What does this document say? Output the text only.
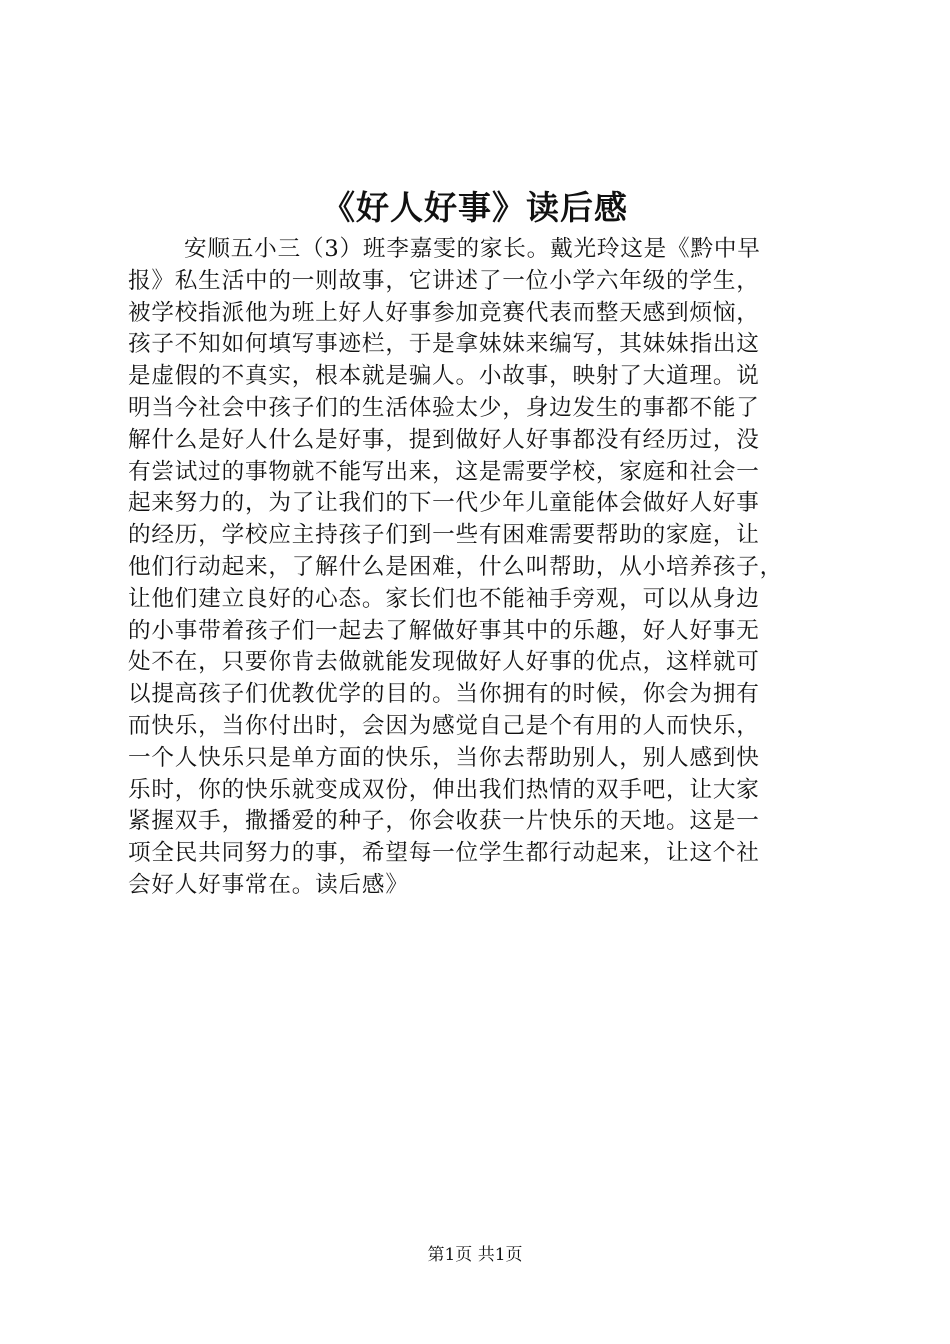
《好人好事》读后感
安顺五小三（3）班李嘉雯的家长。戴光玲这是《黔中早
报》私生活中的一则故事，它讲述了一位小学六年级的学生，
被学校指派他为班上好人好事参加竞赛代表而整天感到烦恼，
孩子不知如何填写事迹栏，于是拿妹妹来编写，其妹妹指出这
是虚假的不真实，根本就是骗人。小故事，映射了大道理。说
明当今社会中孩子们的生活体验太少，身边发生的事都不能了
解什么是好人什么是好事，提到做好人好事都没有经历过，没
有尝试过的事物就不能写出来，这是需要学校，家庭和社会一
起来努力的，为了让我们的下一代少年儿童能体会做好人好事
的经历，学校应主持孩子们到一些有困难需要帮助的家庭，让
他们行动起来，了解什么是困难，什么叫帮助，从小培养孩子，
让他们建立良好的心态。家长们也不能袖手旁观，可以从身边
的小事带着孩子们一起去了解做好事其中的乐趣，好人好事无
处不在，只要你肯去做就能发现做好人好事的优点，这样就可
以提高孩子们优教优学的目的。当你拥有的时候，你会为拥有
而快乐，当你付出时，会因为感觉自己是个有用的人而快乐，
一个人快乐只是单方面的快乐，当你去帮助别人，别人感到快
乐时，你的快乐就变成双份，伸出我们热情的双手吧，让大家
紧握双手，撒播爱的种子，你会收获一片快乐的天地。这是一
项全民共同努力的事，希望每一位学生都行动起来，让这个社
会好人好事常在。读后感》
第1页 共1页
